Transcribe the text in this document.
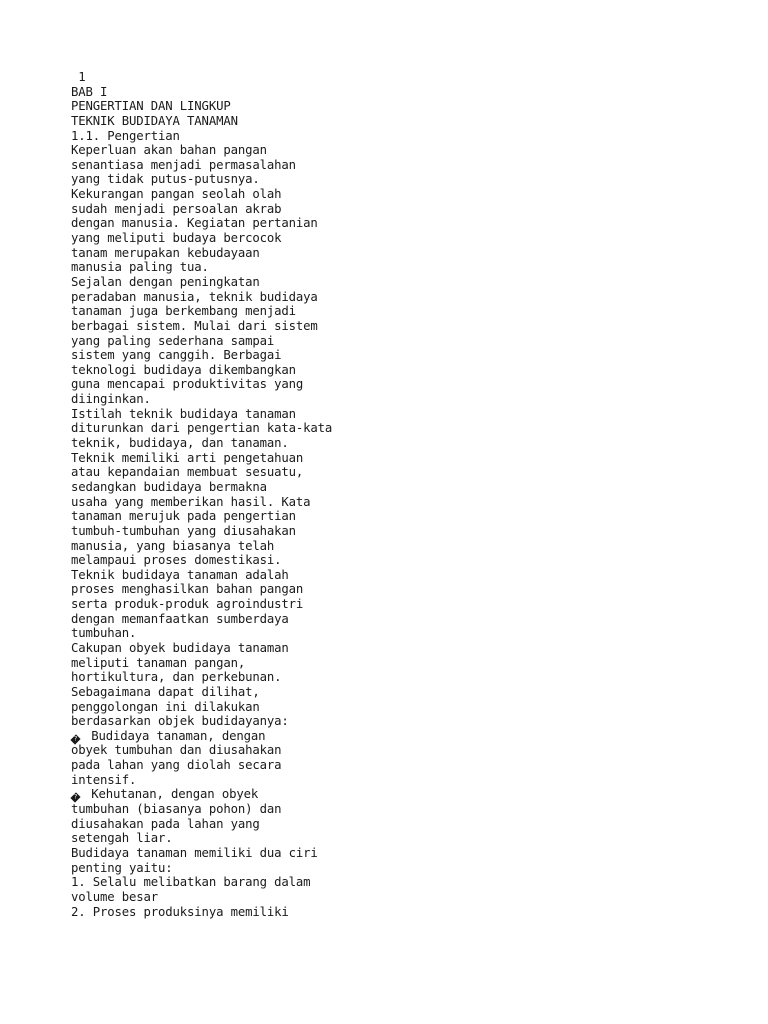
1
BAB I
PENGERTIAN DAN LINGKUP
TEKNIK BUDIDAYA TANAMAN
1.1. Pengertian
Keperluan akan bahan pangan
senantiasa menjadi permasalahan
yang tidak putus-putusnya.
Kekurangan pangan seolah olah
sudah menjadi persoalan akrab
dengan manusia. Kegiatan pertanian
yang meliputi budaya bercocok
tanam merupakan kebudayaan
manusia paling tua.
Sejalan dengan peningkatan
peradaban manusia, teknik budidaya
tanaman juga berkembang menjadi
berbagai sistem. Mulai dari sistem
yang paling sederhana sampai
sistem yang canggih. Berbagai
teknologi budidaya dikembangkan
guna mencapai produktivitas yang
diinginkan.
Istilah teknik budidaya tanaman
diturunkan dari pengertian kata-kata
teknik, budidaya, dan tanaman.
Teknik memiliki arti pengetahuan
atau kepandaian membuat sesuatu,
sedangkan budidaya bermakna
usaha yang memberikan hasil. Kata
tanaman merujuk pada pengertian
tumbuh-tumbuhan yang diusahakan
manusia, yang biasanya telah
melampaui proses domestikasi.
Teknik budidaya tanaman adalah
proses menghasilkan bahan pangan
serta produk-produk agroindustri
dengan memanfaatkan sumberdaya
tumbuhan.
Cakupan obyek budidaya tanaman
meliputi tanaman pangan,
hortikultura, dan perkebunan.
Sebagaimana dapat dilihat,
penggolongan ini dilakukan
berdasarkan objek budidayanya:
? Budidaya tanaman, dengan
obyek tumbuhan dan diusahakan
pada lahan yang diolah secara
intensif.
? Kehutanan, dengan obyek
tumbuhan (biasanya pohon) dan
diusahakan pada lahan yang
setengah liar.
Budidaya tanaman memiliki dua ciri
penting yaitu:
1. Selalu melibatkan barang dalam
volume besar
2. Proses produksinya memiliki
